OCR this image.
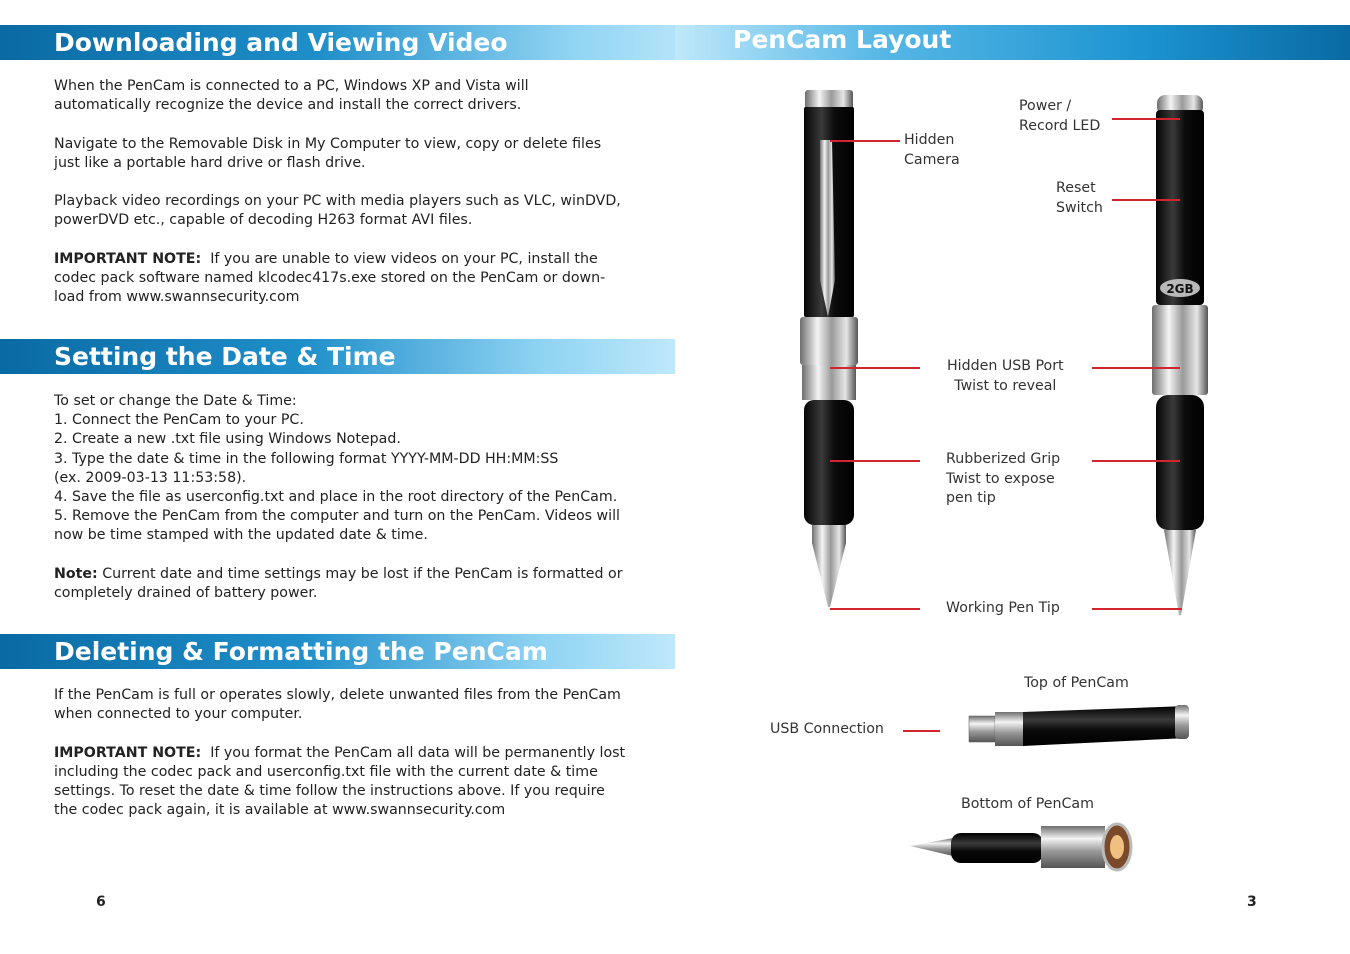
Downloading and Viewing Video	PenCam Layout
Setting the Date & Time
Deleting & Formatting the PenCam

When the PenCam is connected to a PC, Windows XP and Vista will automatically recognize the device and install the correct drivers.

Navigate to the Removable Disk in My Computer to view, copy or delete files just like a portable hard drive or flash drive.

Playback video recordings on your PC with media players such as VLC, winDVD, powerDVD etc., capable of decoding H263 format AVI files.

IMPORTANT NOTE: If you are unable to view videos on your PC, install the codec pack software named klcodec417s.exe stored on the PenCam or down-load from www.swannsecurity.com

To set or change the Date & Time:
1. Connect the PenCam to your PC.
2. Create a new .txt file using Windows Notepad.
3. Type the date & time in the following format YYYY-MM-DD HH:MM:SS
(ex. 2009-03-13 11:53:58).
4. Save the file as userconfig.txt and place in the root directory of the PenCam.
5. Remove the PenCam from the computer and turn on the PenCam. Videos will now be time stamped with the updated date & time.

Note: Current date and time settings may be lost if the PenCam is formatted or completely drained of battery power.

If the PenCam is full or operates slowly, delete unwanted files from the PenCam when connected to your computer.

IMPORTANT NOTE: If you format the PenCam all data will be permanently lost including the codec pack and userconfig.txt file with the current date & time settings. To reset the date & time follow the instructions above. If you require the codec pack again, it is available at www.swannsecurity.com

6	3
2GB
Hidden
Camera
Power /
Record LED
Reset
Switch
Hidden USB Port
Twist to reveal
Rubberized Grip
Twist to expose
pen tip
Working Pen Tip
Top of PenCam
USB Connection
Bottom of PenCam
